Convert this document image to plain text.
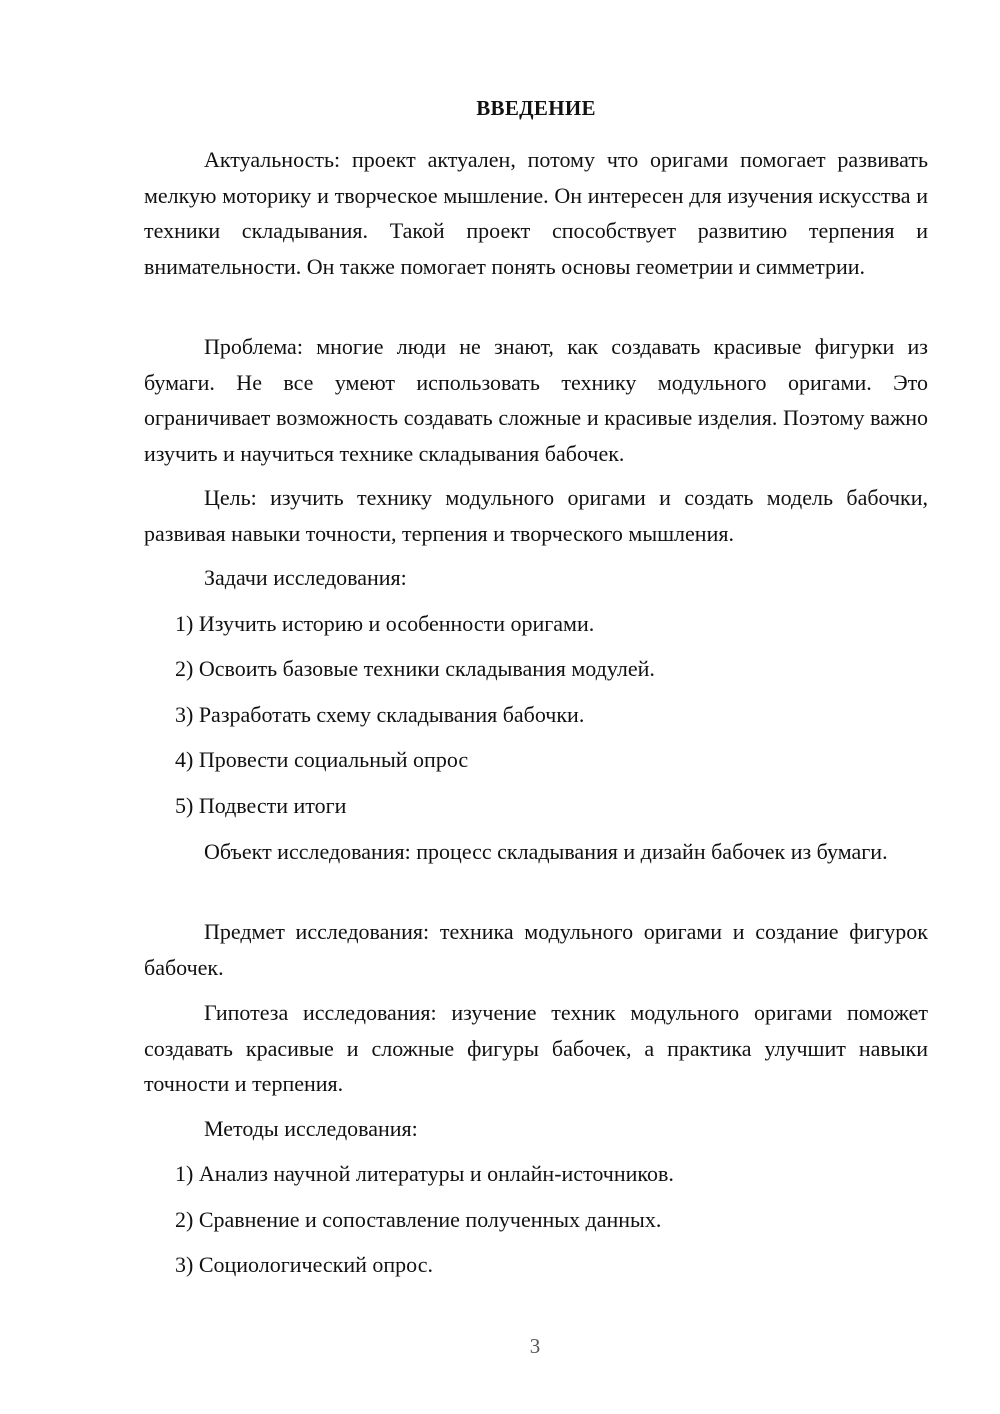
ВВЕДЕНИЕ

Актуальность: проект актуален, потому что оригами помогает развивать мелкую моторику и творческое мышление. Он интересен для изучения искусства и техники складывания. Такой проект способствует развитию терпения и внимательности. Он также помогает понять основы геометрии и симметрии.

Проблема: многие люди не знают, как создавать красивые фигурки из бумаги. Не все умеют использовать технику модульного оригами. Это ограничивает возможность создавать сложные и красивые изделия. Поэтому важно изучить и научиться технике складывания бабочек.

Цель: изучить технику модульного оригами и создать модель бабочки, развивая навыки точности, терпения и творческого мышления.

Задачи исследования:

1) Изучить историю и особенности оригами.

2) Освоить базовые техники складывания модулей.

3) Разработать схему складывания бабочки.

4) Провести социальный опрос

5) Подвести итоги

Объект исследования: процесс складывания и дизайн бабочек из бумаги.

Предмет исследования: техника модульного оригами и создание фигурок бабочек.

Гипотеза исследования: изучение техник модульного оригами поможет создавать красивые и сложные фигуры бабочек, а практика улучшит навыки точности и терпения.

Методы исследования:

1) Анализ научной литературы и онлайн-источников.

2) Сравнение и сопоставление полученных данных.

3) Социологический опрос.

3
